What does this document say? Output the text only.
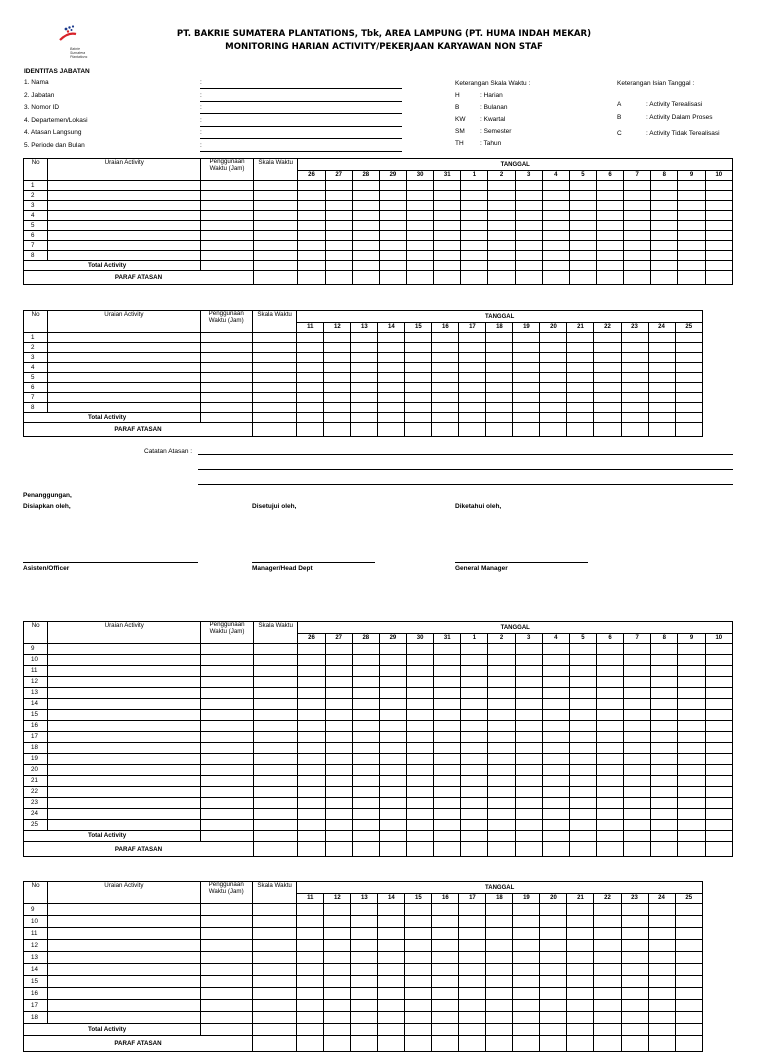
Bakrie
Sumatera
Plantations
PT. BAKRIE SUMATERA PLANTATIONS, Tbk, AREA LAMPUNG (PT. HUMA INDAH MEKAR)
MONITORING HARIAN ACTIVITY/PEKERJAAN KARYAWAN NON STAF
IDENTITAS JABATAN
1. Nama	:
2. Jabatan	:
3. Nomor ID	:
4. Departemen/Lokasi	:
4. Atasan Langsung	:
5. Periode dan Bulan	:
Keterangan Skala Waktu :
H	: Harian
B	: Bulanan
KW : Kwartal
SM : Semester
TH	: Tahun
Keterangan Isian Tanggal :
A	: Activity Terealisasi
B	: Activity Dalam Proses
C	: Activity Tidak Terealisasi
No	Uraian Activity	Penggunaan Waktu (Jam)	Skala Waktu	TANGGAL															
				26	27	28	29	30	31	1	2	3	4	5	6	7	8	9	10
1																			
2																			
3																			
4																			
5																			
6																			
7																			
8																			
Total Activity																			
PARAF ATASAN																			
No	Uraian Activity	Penggunaan Waktu (Jam)	Skala Waktu	TANGGAL														
				11	12	13	14	15	16	17	18	19	20	21	22	23	24	25
1																		
2																		
3																		
4																		
5																		
6																		
7																		
8																		
Total Activity																		
PARAF ATASAN																		
Catatan Atasan :
Penanggungan,
Disiapkan oleh,	Disetujui oleh,	Diketahui oleh,
Asisten/Officer	Manager/Head Dept	General Manager
No	Uraian Activity	Penggunaan Waktu (Jam)	Skala Waktu	TANGGAL															
				26	27	28	29	30	31	1	2	3	4	5	6	7	8	9	10
9																			
10																			
11																			
12																			
13																			
14																			
15																			
16																			
17																			
18																			
19																			
20																			
21																			
22																			
23																			
24																			
25																			
Total Activity																			
PARAF ATASAN																			
No	Uraian Activity	Penggunaan Waktu (Jam)	Skala Waktu	TANGGAL														
				11	12	13	14	15	16	17	18	19	20	21	22	23	24	25
9																		
10																		
11																		
12																		
13																		
14																		
15																		
16																		
17																		
18																		
Total Activity																		
PARAF ATASAN																		
